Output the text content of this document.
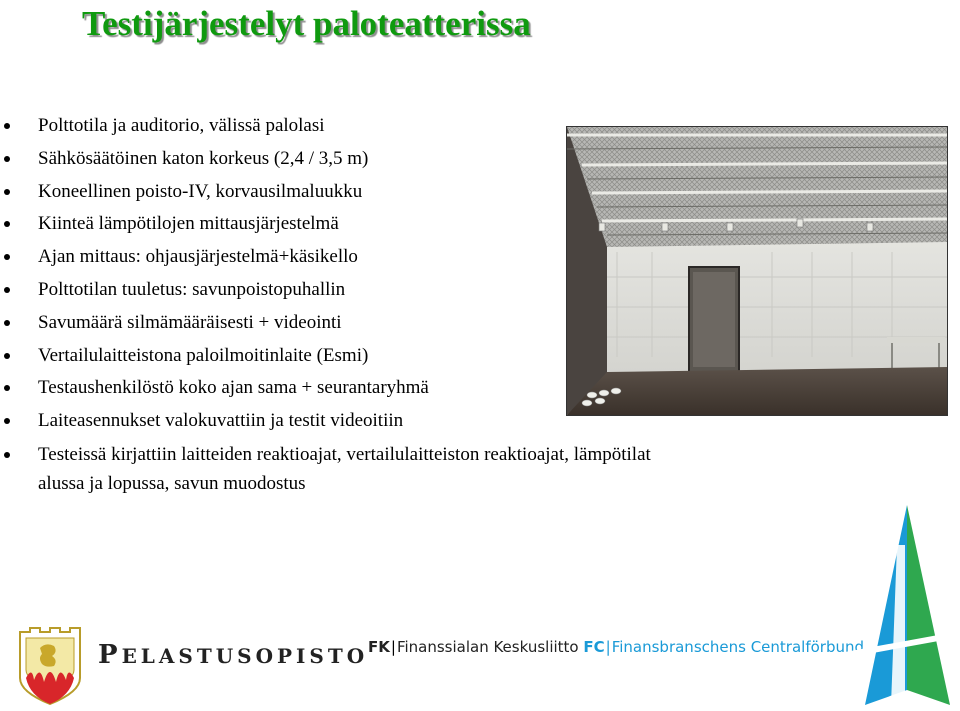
Testijärjestelyt paloteatterissa
Polttotila ja auditorio, välissä palolasi
Sähkösäätöinen katon korkeus (2,4 / 3,5 m)
Koneellinen poisto-IV, korvausilmaluukku
Kiinteä lämpötilojen mittausjärjestelmä
Ajan mittaus: ohjausjärjestelmä+käsikello
Polttotilan tuuletus: savunpoistopuhallin
Savumäärä silmämääräisesti + videointi
Vertailulaitteistona paloilmoitinlaite (Esmi)
Testaushenkilöstö koko ajan sama + seurantaryhmä
Laiteasennukset valokuvattiin ja testit videoitiin
Testeissä kirjattiin laitteiden reaktioajat, vertailulaitteiston reaktioajat, lämpötilat alussa ja lopussa, savun muodostus
PELASTUSOPISTO FK|Finanssialan Keskusliitto FC|Finansbranschens Centralförbund
